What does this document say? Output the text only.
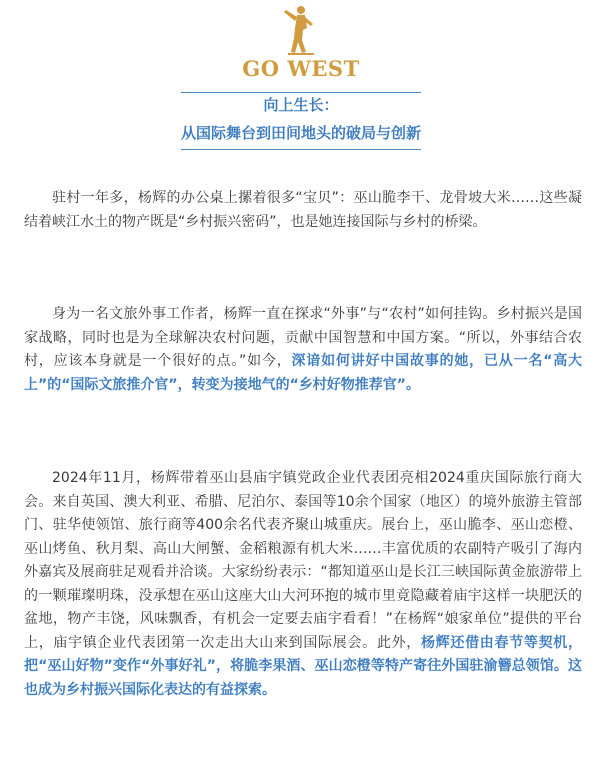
GO WEST
向上生长：
从国际舞台到田间地头的破局与创新

驻村一年多，杨辉的办公桌上摞着很多“宝贝”：巫山脆李干、龙骨坡大米……这些凝结着峡江水土的物产既是“乡村振兴密码”，也是她连接国际与乡村的桥梁。

身为一名文旅外事工作者，杨辉一直在探求“外事”与“农村”如何挂钩。乡村振兴是国家战略，同时也是为全球解决农村问题，贡献中国智慧和中国方案。“所以，外事结合农村，应该本身就是一个很好的点。”如今，深谙如何讲好中国故事的她，已从一名“高大上”的“国际文旅推介官”，转变为接地气的“乡村好物推荐官”。

2024年11月，杨辉带着巫山县庙宇镇党政企业代表团亮相2024重庆国际旅行商大会。来自英国、澳大利亚、希腊、尼泊尔、泰国等10余个国家（地区）的境外旅游主管部门、驻华使领馆、旅行商等400余名代表齐聚山城重庆。展台上，巫山脆李、巫山恋橙、巫山烤鱼、秋月梨、高山大闸蟹、金稻粮源有机大米……丰富优质的农副特产吸引了海内外嘉宾及展商驻足观看并洽谈。大家纷纷表示：“都知道巫山是长江三峡国际黄金旅游带上的一颗璀璨明珠，没承想在巫山这座大山大河环抱的城市里竟隐藏着庙宇这样一块肥沃的盆地，物产丰饶，风味飘香，有机会一定要去庙宇看看！”在杨辉“娘家单位”提供的平台上，庙宇镇企业代表团第一次走出大山来到国际展会。此外，杨辉还借由春节等契机，把“巫山好物”变作“外事好礼”，将脆李果酒、巫山恋橙等特产寄往外国驻渝簪总领馆。这也成为乡村振兴国际化表达的有益探索。
